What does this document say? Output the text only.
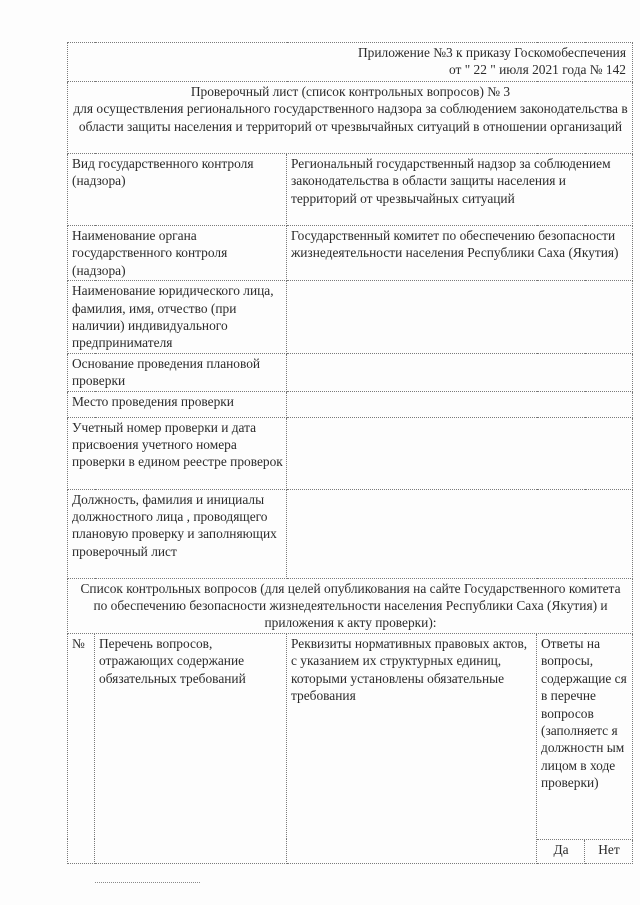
Приложение №3 к приказу Госкомобеспечения
от " 22 " июля 2021 года № 142				

Проверочный лист (список контрольных вопросов) № 3
для осуществления регионального государственного надзора за соблюдением законодательства в области защиты населения и территорий от чрезвычайных ситуаций в отношении организаций				

Вид государственного контроля (надзора)		Региональный государственный надзор за соблюдением законодательства в области защиты населения и территорий от чрезвычайных ситуаций		
Наименование органа государственного контроля (надзора)		Государственный комитет по обеспечению безопасности жизнедеятельности населения Республики Саха (Якутия)		
Наименование юридического лица, фамилия, имя, отчество (при наличии) индивидуального предпринимателя				
Основание проведения плановой проверки				
Место проведения проверки				
Учетный номер проверки и дата присвоения учетного номера проверки в едином реестре проверок				
Должность, фамилия и инициалы должностного лица , проводящего плановую проверку и заполняющих проверочный лист				
Список контрольных вопросов (для целей опубликования на сайте Государственного комитета по обеспечению безопасности жизнедеятельности населения Республики Саха (Якутия) и приложения к акту проверки):				
№	Перечень вопросов, отражающих содержание обязательных требований	Реквизиты нормативных правовых актов, с указанием их структурных единиц, которыми установлены обязательные требования	Ответы на вопросы, содержащие ся в перечне вопросов (заполняетс я должностн ым лицом в ходе проверки)	
			Да	Нет
